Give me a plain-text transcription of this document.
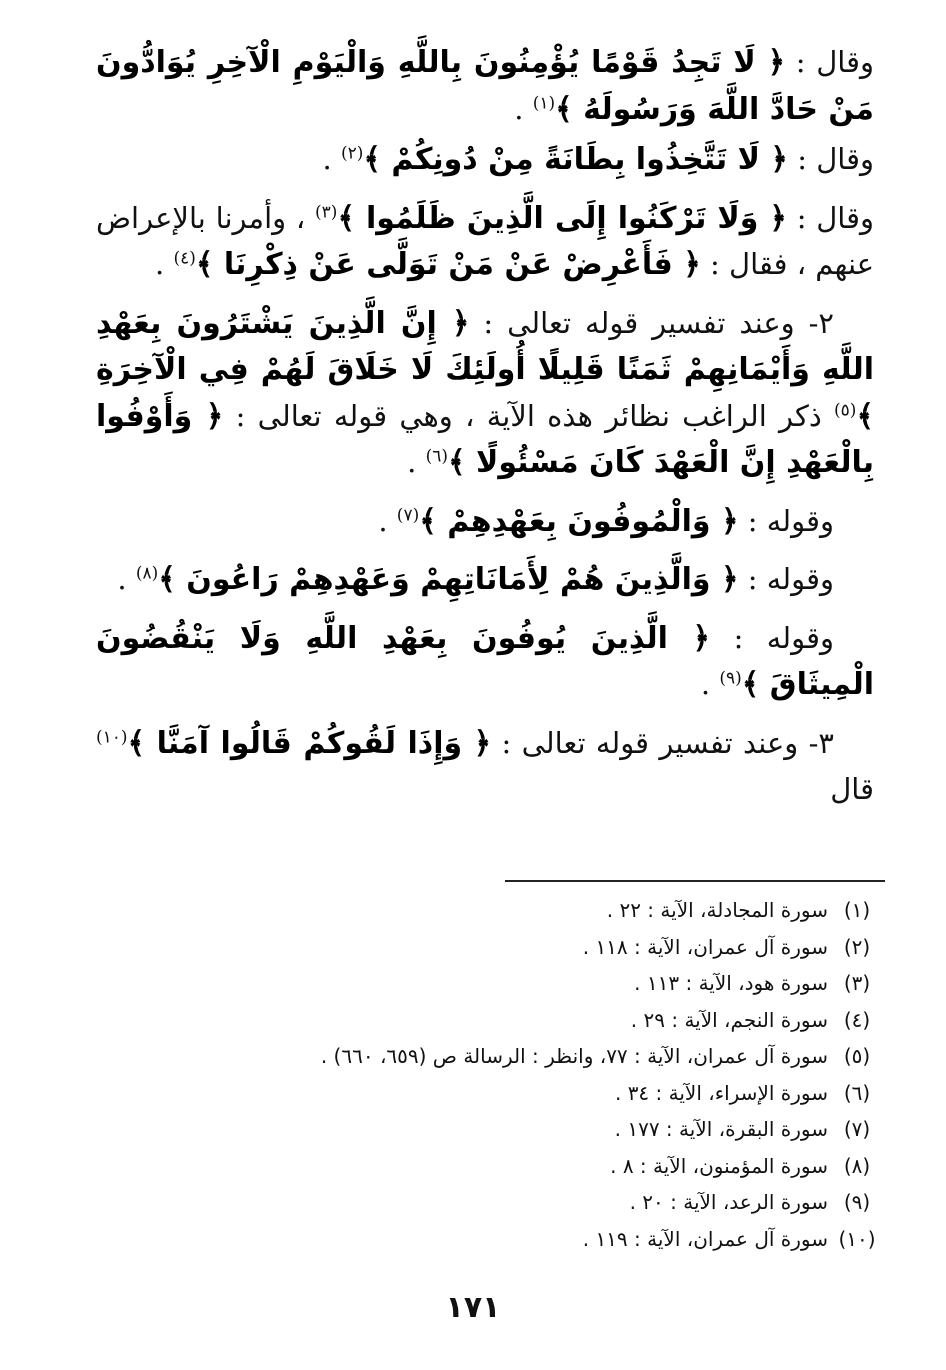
وقال : ﴿ لَا تَجِدُ قَوْمًا يُؤْمِنُونَ بِاللَّهِ وَالْيَوْمِ الْآخِرِ يُوَادُّونَ مَنْ حَادَّ اللَّهَ وَرَسُولَهُ ﴾$^{(١)}$ .

وقال : ﴿ لَا تَتَّخِذُوا بِطَانَةً مِنْ دُونِكُمْ ﴾$^{(٢)}$ .

وقال : ﴿ وَلَا تَرْكَنُوا إِلَى الَّذِينَ ظَلَمُوا ﴾$^{(٣)}$ ، وأمرنا بالإعراض عنهم ، فقال : ﴿ فَأَعْرِضْ عَنْ مَنْ تَوَلَّى عَنْ ذِكْرِنَا ﴾$^{(٤)}$ .

٢- وعند تفسير قوله تعالى : ﴿ إِنَّ الَّذِينَ يَشْتَرُونَ بِعَهْدِ اللَّهِ وَأَيْمَانِهِمْ ثَمَنًا قَلِيلًا أُولَئِكَ لَا خَلَاقَ لَهُمْ فِي الْآخِرَةِ ﴾$^{(٥)}$ ذكر الراغب نظائر هذه الآية ، وهي قوله تعالى : ﴿ وَأَوْفُوا بِالْعَهْدِ إِنَّ الْعَهْدَ كَانَ مَسْئُولًا ﴾$^{(٦)}$ .

وقوله : ﴿ وَالْمُوفُونَ بِعَهْدِهِمْ ﴾$^{(٧)}$ .

وقوله : ﴿ وَالَّذِينَ هُمْ لِأَمَانَاتِهِمْ وَعَهْدِهِمْ رَاعُونَ ﴾$^{(٨)}$ .

وقوله : ﴿ الَّذِينَ يُوفُونَ بِعَهْدِ اللَّهِ وَلَا يَنْقُضُونَ الْمِيثَاقَ ﴾$^{(٩)}$ .

٣- وعند تفسير قوله تعالى : ﴿ وَإِذَا لَقُوكُمْ قَالُوا آمَنَّا ﴾$^{(١٠)}$ قال

(١)سورة المجادلة، الآية : ٢٢ .
(٢)سورة آل عمران، الآية : ١١٨ .
(٣)سورة هود، الآية : ١١٣ .
(٤)سورة النجم، الآية : ٢٩ .
(٥)سورة آل عمران، الآية : ٧٧، وانظر : الرسالة ص (٦٥٩، ٦٦٠) .
(٦)سورة الإسراء، الآية : ٣٤ .
(٧)سورة البقرة، الآية : ١٧٧ .
(٨)سورة المؤمنون، الآية : ٨ .
(٩)سورة الرعد، الآية : ٢٠ .
(١٠)سورة آل عمران، الآية : ١١٩ .
١٧١
